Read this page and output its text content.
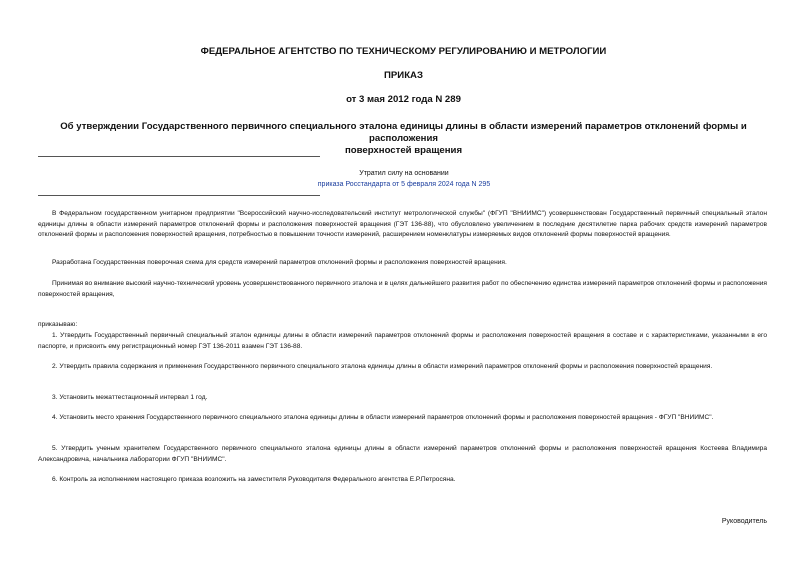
ФЕДЕРАЛЬНОЕ АГЕНТСТВО ПО ТЕХНИЧЕСКОМУ РЕГУЛИРОВАНИЮ И МЕТРОЛОГИИ
ПРИКАЗ
от 3 мая 2012 года N 289
Об утверждении Государственного первичного специального эталона единицы длины в области измерений параметров отклонений формы и расположения
поверхностей вращения
Утратил силу на основании
приказа Росстандарта от 5 февраля 2024 года N 295
В Федеральном государственном унитарном предприятии "Всероссийский научно-исследовательский институт метрологической службы" (ФГУП "ВНИИМС") усовершенствован Государственный первичный специальный эталон единицы длины в области измерений параметров отклонений формы и расположения поверхностей вращения (ГЭТ 136-88), что обусловлено увеличением в последние десятилетие парка рабочих средств измерений параметров отклонений формы и расположения поверхностей вращения, потребностью в повышении точности измерений, расширением номенклатуры измеряемых видов отклонений формы поверхностей вращения.
Разработана Государственная поверочная схема для средств измерений параметров отклонений формы и расположения поверхностей вращения.
Принимая во внимание высокий научно-технический уровень усовершенствованного первичного эталона и в целях дальнейшего развития работ по обеспечению единства измерений параметров отклонений формы и расположения поверхностей вращения,
приказываю:
1. Утвердить Государственный первичный специальный эталон единицы длины в области измерений параметров отклонений формы и расположения поверхностей вращения в составе и с характеристиками, указанными в его паспорте, и присвоить ему регистрационный номер ГЭТ 136-2011 взамен ГЭТ 136-88.
2. Утвердить правила содержания и применения Государственного первичного специального эталона единицы длины в области измерений параметров отклонений формы и расположения поверхностей вращения.
3. Установить межаттестационный интервал 1 год.
4. Установить место хранения Государственного первичного специального эталона единицы длины в области измерений параметров отклонений формы и расположения поверхностей вращения - ФГУП "ВНИИМС".
5. Утвердить ученым хранителем Государственного первичного специального эталона единицы длины в области измерений параметров отклонений формы и расположения поверхностей вращения Костеева Владимира Александровича, начальника лаборатории ФГУП "ВНИИМС".
6. Контроль за исполнением настоящего приказа возложить на заместителя Руководителя Федерального агентства Е.Р.Петросяна.
Руководитель
